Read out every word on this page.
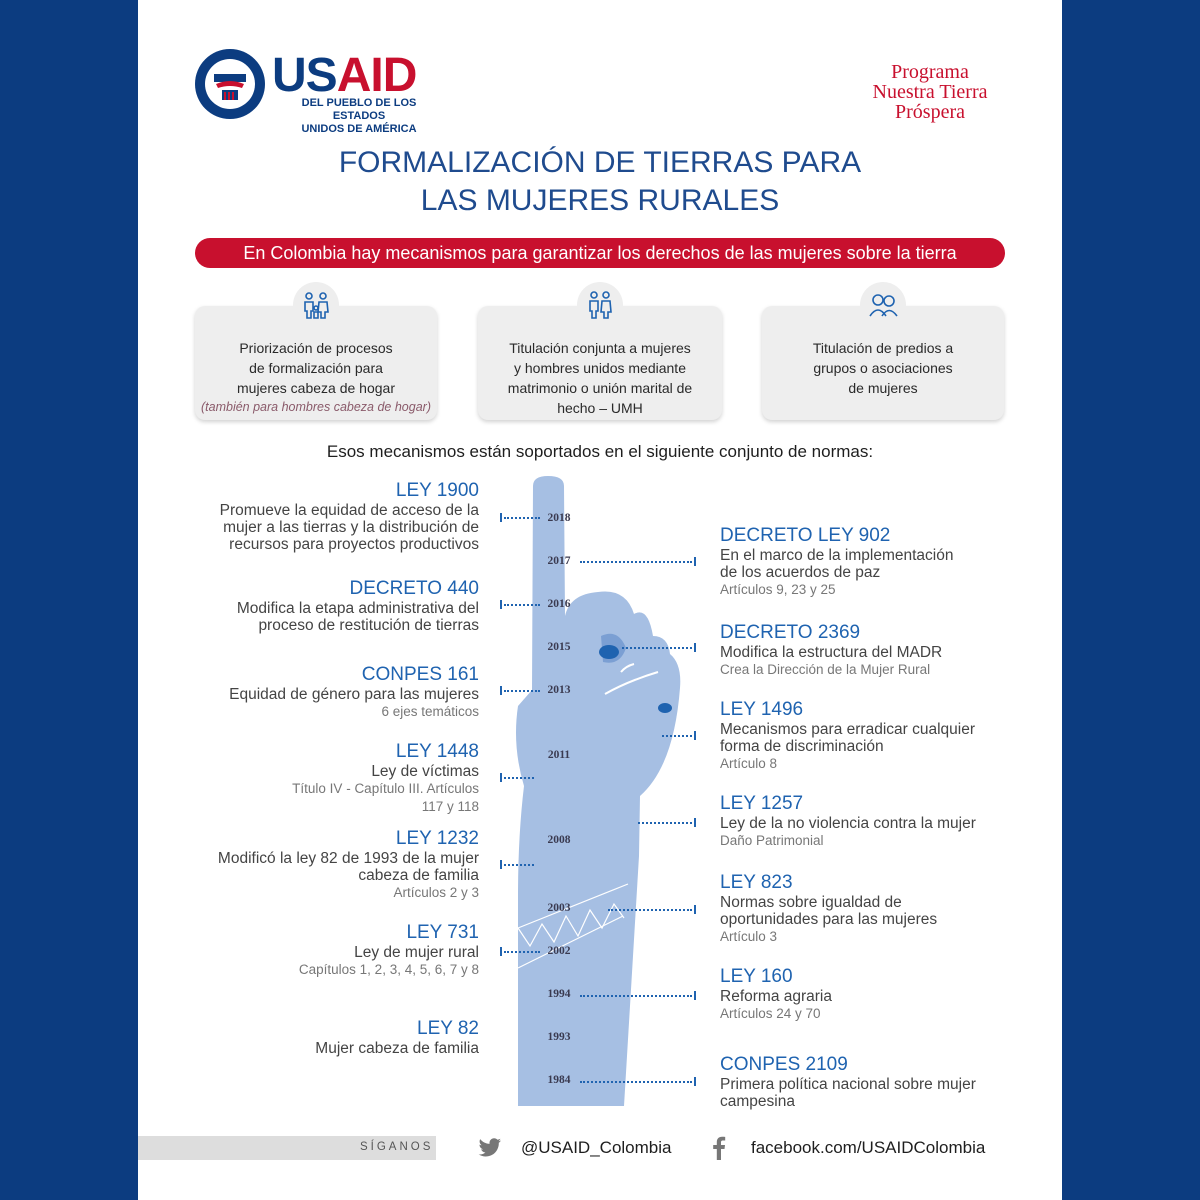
USAID
DEL PUEBLO DE LOS ESTADOS
UNIDOS DE AMÉRICA
Programa
Nuestra Tierra
Próspera
FORMALIZACIÓN DE TIERRAS PARA
LAS MUJERES RURALES
En Colombia hay mecanismos para garantizar los derechos de las mujeres sobre la tierra
Priorización de procesos
de formalización para
mujeres cabeza de hogar
(también para hombres cabeza de hogar)
Titulación conjunta a mujeres
y hombres unidos mediante
matrimonio o unión marital de
hecho – UMH
Titulación de predios a
grupos o asociaciones
de mujeres
Esos mecanismos están soportados en el siguiente conjunto de normas:
2018
2017
2016
2015
2013
2011
2008
2003
2002
1994
1993
1984
LEY 1900
Promueve la equidad de acceso de la
mujer a las tierras y la distribución de
recursos para proyectos productivos
DECRETO 440
Modifica la etapa administrativa del
proceso de restitución de tierras
CONPES 161
Equidad de género para las mujeres
6 ejes temáticos
LEY 1448
Ley de víctimas
Título IV - Capítulo III. Artículos
117 y 118
LEY 1232
Modificó la ley 82 de 1993 de la mujer
cabeza de familia
Artículos 2 y 3
LEY 731
Ley de mujer rural
Capítulos 1, 2, 3, 4, 5, 6, 7 y 8
LEY 82
Mujer cabeza de familia
DECRETO LEY 902
En el marco de la implementación
de los acuerdos de paz
Artículos 9, 23 y 25
DECRETO 2369
Modifica la estructura del MADR
Crea la Dirección de la Mujer Rural
LEY 1496
Mecanismos para erradicar cualquier
forma de discriminación
Artículo 8
LEY 1257
Ley de la no violencia contra la mujer
Daño Patrimonial
LEY 823
Normas sobre igualdad de
oportunidades para las mujeres
Artículo 3
LEY 160
Reforma agraria
Artículos 24 y 70
CONPES 2109
Primera política nacional sobre mujer
campesina
SÍGANOS	@USAID_Colombia	facebook.com/USAIDColombia
